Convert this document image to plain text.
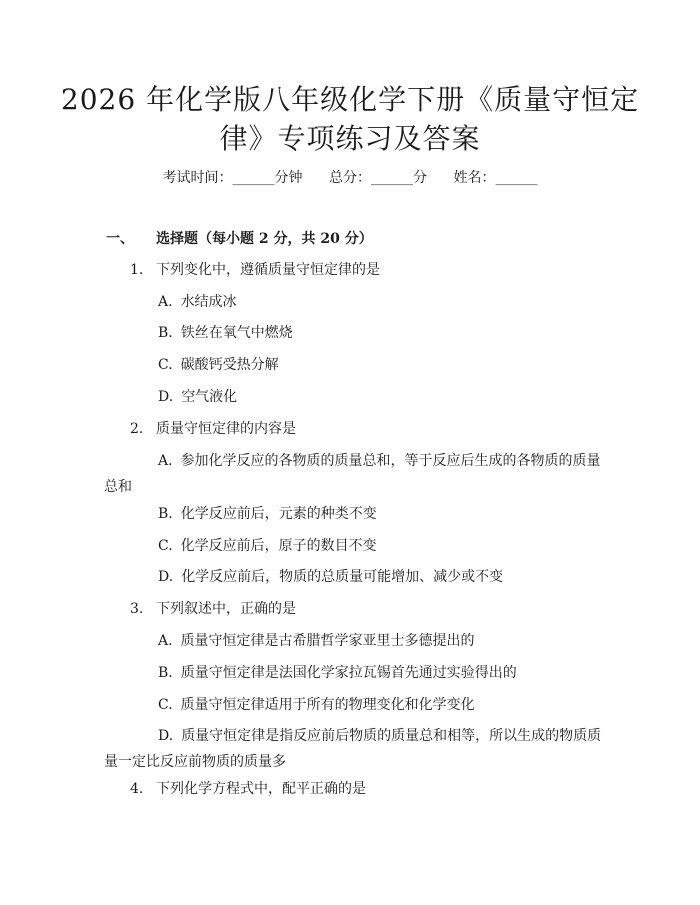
2026 年化学版八年级化学下册《质量守恒定
律》专项练习及答案
考试时间：______分钟 总分：______分 姓名：______
一、 选择题（每小题 2 分，共 20 分）
1. 下列变化中，遵循质量守恒定律的是
A. 水结成冰
B. 铁丝在氧气中燃烧
C. 碳酸钙受热分解
D. 空气液化
2. 质量守恒定律的内容是
A. 参加化学反应的各物质的质量总和，等于反应后生成的各物质的质量总和
B. 化学反应前后，元素的种类不变
C. 化学反应前后，原子的数目不变
D. 化学反应前后，物质的总质量可能增加、减少或不变
3. 下列叙述中，正确的是
A. 质量守恒定律是古希腊哲学家亚里士多德提出的
B. 质量守恒定律是法国化学家拉瓦锡首先通过实验得出的
C. 质量守恒定律适用于所有的物理变化和化学变化
D. 质量守恒定律是指反应前后物质的质量总和相等，所以生成的物质质量一定比反应前物质的质量多
4. 下列化学方程式中，配平正确的是
